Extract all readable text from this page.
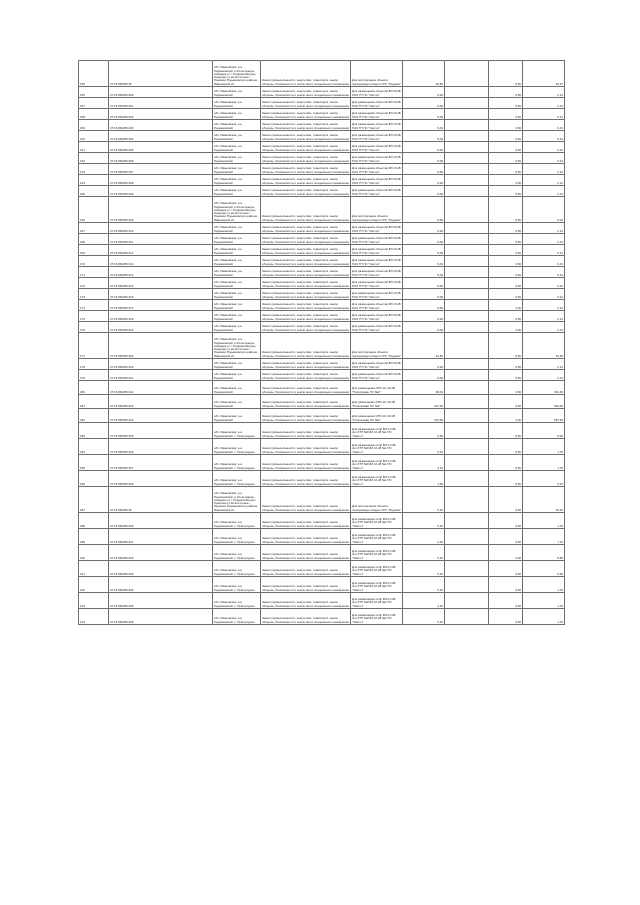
​155	37:16:050205:35	обл. Ивановская, р-н Родниковский, в 10 км северо-западнее от г. Родники-Филуно Куворово (1 км восточнее г. Родники) Родниковского района Ивановской об.	Земли промышленности, энергетики, транспорта, земли обороны, безопасности и земли иного специального назначения	Для эксплуатации объекта газопровода отвода к ГРС "Родники"	26,60		0,50	46,67
155	37:16:050205:365	обл. Ивановская, р-н Родниковский	Земли промышленности, энергетики, транспорта, земли обороны, безопасности и земли иного специального назначения	Для размещения объектов ВЛ 10 кВ ПАО ГП ПС "Светоч"	6,00		0,50	0,13
157	37:16:050205:291	обл. Ивановская, р-н Родниковский	Земли промышленности, энергетики, транспорта, земли обороны, безопасности и земли иного специального назначения	Для размещения объектов ВЛ 10 кВ ПАО ГП ПС "Светоч"	6,00		0,50	0,13
158	37:16:050205:292	обл. Ивановская, р-н Родниковский	Земли промышленности, энергетики, транспорта, земли обороны, безопасности и земли иного специального назначения	Для размещения объектов ВЛ 10 кВ ПАО ГП ПС "Светоч"	6,00		0,50	0,13
159	37:16:050205:293	обл. Ивановская, р-н Родниковский	Земли промышленности, энергетики, транспорта, земли обороны, безопасности и земли иного специального назначения	Для размещения объектов ВЛ 10 кВ ПАО ГП ПС "Светоч"	6,00		0,50	0,13
160	37:16:050205:294	обл. Ивановская, р-н Родниковский	Земли промышленности, энергетики, транспорта, земли обороны, безопасности и земли иного специального назначения	Для размещения объектов ВЛ 10 кВ ПАО ГП ПС "Светоч"	6,00		0,50	0,13
161	37:16:050205:295	обл. Ивановская, р-н Родниковский	Земли промышленности, энергетики, транспорта, земли обороны, безопасности и земли иного специального назначения	Для размещения объектов ВЛ 10 кВ ПАО ГП ПС "Светоч"	6,00		0,50	0,12
162	37:16:050205:296	обл. Ивановская, р-н Родниковский	Земли промышленности, энергетики, транспорта, земли обороны, безопасности и земли иного специального назначения	Для размещения объектов ВЛ 10 кВ ПАО ГП ПС "Светоч"	6,00		0,50	0,13
163	37:16:050205:297	обл. Ивановская, р-н Родниковский	Земли промышленности, энергетики, транспорта, земли обороны, безопасности и земли иного специального назначения	Для размещения объектов ВЛ 10 кВ ПАО ГП ПС "Светоч"	6,00		0,50	0,13
164	37:16:050205:298	обл. Ивановская, р-н Родниковский	Земли промышленности, энергетики, транспорта, земли обороны, безопасности и земли иного специального назначения	Для размещения объектов ВЛ 10 кВ ПАО ГП ПС "Светоч"	6,00		2,00	0,12
165	37:16:050205:299	обл. Ивановская, р-н Родниковский	Земли промышленности, энергетики, транспорта, земли обороны, безопасности и земли иного специального назначения	Для размещения объектов ВЛ 10 кВ ПАО ГП ПС "Светоч"	6,00		0,50	0,13
166	37:16:050205:363	обл. Ивановская, р-н Родниковский, в 10 км северо-западнее от г. Родники-Филуно Куворово (1 км восточнее г. Родники) Родниковского района Ивановской об.	Земли промышленности, энергетики, транспорта, земли обороны, безопасности и земли иного специального назначения	Для эксплуатации объекта газопровода отвода к ГРС "Родники"	6,00		0,50	0,03
167	37:16:050205:310	обл. Ивановская, р-н Родниковский	Земли промышленности, энергетики, транспорта, земли обороны, безопасности и земли иного специального назначения	Для размещения объектов ВЛ 10 кВ ПАО ГП ПС "Светоч"	6,00		0,50	0,13
168	37:16:050205:311	обл. Ивановская, р-н Родниковский	Земли промышленности, энергетики, транспорта, земли обороны, безопасности и земли иного специального назначения	Для размещения объектов ВЛ 10 кВ ПАО ГП ПС "Светоч"	6,00		0,50	0,13
169	37:16:050205:312	обл. Ивановская, р-н Родниковский	Земли промышленности, энергетики, транспорта, земли обороны, безопасности и земли иного специального назначения	Для размещения объектов ВЛ 10 кВ ПАО ГП ПС "Светоч"	6,00		0,50	0,13
170	37:16:050205:313	обл. Ивановская, р-н Родниковский	Земли промышленности, энергетики, транспорта, земли обороны, безопасности и земли иного специального назначения	Для размещения объектов ВЛ 10 кВ ПАО ГП ПС "Светоч"	6,00		0,50	0,13
171	37:16:050205:314	обл. Ивановская, р-н Родниковский	Земли промышленности, энергетики, транспорта, земли обороны, безопасности и земли иного специального назначения	Для размещения объектов ВЛ 10 кВ ПАО ГП ПС "Светоч"	6,00		0,50	0,13
172	37:16:050205:315	обл. Ивановская, р-н Родниковский	Земли промышленности, энергетики, транспорта, земли обороны, безопасности и земли иного специального назначения	Для размещения объектов ВЛ 10 кВ ПАО ГП ПС "Светоч"	6,00		0,50	0,12
173	37:16:050205:316	обл. Ивановская, р-н Родниковский	Земли промышленности, энергетики, транспорта, земли обороны, безопасности и земли иного специального назначения	Для размещения объектов ВЛ 10 кВ ПАО ГП ПС "Светоч"	6,00		0,50	0,12
174	37:16:050205:317	обл. Ивановская, р-н Родниковский	Земли промышленности, энергетики, транспорта, земли обороны, безопасности и земли иного специального назначения	Для размещения объектов ВЛ 10 кВ ПАО ГП ПС "Светоч"	6,00		2,00	0,13
175	37:16:050205:318	обл. Ивановская, р-н Родниковский	Земли промышленности, энергетики, транспорта, земли обороны, безопасности и земли иного специального назначения	Для размещения объектов ВЛ 10 кВ ПАО ГП ПС "Светоч"	6,00		0,50	0,13
176	37:16:050205:319	обл. Ивановская, р-н Родниковский	Земли промышленности, энергетики, транспорта, земли обороны, безопасности и земли иного специального назначения	Для размещения объектов ВЛ 10 кВ ПАО ГП ПС "Светоч"	6,00		2,00	0,13
177	37:16:050205:362	обл. Ивановская, р-н Родниковский, в 10 км северо-западнее от г. Родники-Филуно Куворово (1 км восточнее г. Родники) Родниковского района Ивановской об.	Земли промышленности, энергетики, транспорта, земли обороны, безопасности и земли иного специального назначения	Для эксплуатации объекта газопровода отвода к ГРС "Родники"	41,60		0,50	51,50
178	37:16:050205:320	обл. Ивановская, р-н Родниковский	Земли промышленности, энергетики, транспорта, земли обороны, безопасности и земли иного специального назначения	Для размещения объектов ВЛ 10 кВ ПАО ГП ПС "Светоч"	6,00		0,50	0,13
179	37:16:050205:321	обл. Ивановская, р-н Родниковский	Земли промышленности, энергетики, транспорта, земли обороны, безопасности и земли иного специального назначения	Для размещения объектов ВЛ 10 кВ ПАО ГП ПС "Светоч"	6,00		0,50	0,13
180	37:16:050205:322	обл. Ивановская, р-н Родниковский	Земли промышленности, энергетики, транспорта, земли обороны, безопасности и земли иного специального назначения	Для размещения ОПС КС-10 кВ "Посёлкован ПС №2"	99,00		0,50	261,66
181	37:16:050205:323	обл. Ивановская, р-н Родниковский	Земли промышленности, энергетики, транспорта, земли обороны, безопасности и земли иного специального назначения	Для размещения ОПС КС-10 кВ "Посёлкован ПС №2"	327,00		0,50	590,00
182	37:16:050205:324	обл. Ивановская, р-н Родниковский	Земли промышленности, энергетики, транспорта, земли обороны, безопасности и земли иного специального назначения	Для размещения ОПС КС-10 кВ "Посёлкован ПС №2"	276,00		2,00	657,69
183	37:16:050205:325	обл. Ивановская, р-н Родниковский, с. Пригородное	Земли промышленности, энергетики, транспорта, земли обороны, безопасности и земли иного специального назначения	Для размещения опор ВЛ 0,4 кВ ф.1 КТП №6 ВЛ 10 кВ №1 ПС "Светоч"	2,00		0,50	5,00
184	37:16:050205:326	обл. Ивановская, р-н Родниковский, с. Пригородное	Земли промышленности, энергетики, транспорта, земли обороны, безопасности и земли иного специального назначения	Для размещения опор ВЛ 0,4 кВ ф.1 КТП №6 ВЛ 10 кВ №1 ПС "Светоч"	5,10		0,50	1,75
185	37:16:050205:327	обл. Ивановская, р-н Родниковский, с. Пригородное	Земли промышленности, энергетики, транспорта, земли обороны, безопасности и земли иного специального назначения	Для размещения опор ВЛ 0,4 кВ ф.1 КТП №6 ВЛ 10 кВ №1 ПС "Светоч"	4,10		0,50	1,75
186	37:16:050205:328	обл. Ивановская, р-н Родниковский, с. Пригородное	Земли промышленности, энергетики, транспорта, земли обороны, безопасности и земли иного специального назначения	Для размещения опор ВЛ 0,4 кВ ф.1 КТП №6 ВЛ 10 кВ №1 ПС "Светоч"	1,00		0,50	5,15
187	37:16:050205:36	обл. Ивановская, р-н Родниковский, в 10 км северо-западнее от г. Родники-Филуно Куворово (1 км восточнее г. Родники) Родниковского района Ивановской об.	Земли промышленности, энергетики, транспорта, земли обороны, безопасности и земли иного специального назначения	Для эксплуатации объекта газопровода отвода к ГРС "Родники"	5,10		0,50	12,51
188	37:16:050205:330	обл. Ивановская, р-н Родниковский, с. Пригородное	Земли промышленности, энергетики, транспорта, земли обороны, безопасности и земли иного специального назначения	Для размещения опор ВЛ 0,4 кВ ф.1 КТП №6 ВЛ 10 кВ №1 ПС "Светоч"	5,10		0,50	1,75
189	37:16:050205:331	обл. Ивановская, р-н Родниковский, с. Пригородное	Земли промышленности, энергетики, транспорта, земли обороны, безопасности и земли иного специального назначения	Для размещения опор ВЛ 0,4 кВ ф.1 КТП №6 ВЛ 10 кВ №1 ПС "Светоч"	2,00		0,50	7,13
190	37:16:050205:332	обл. Ивановская, р-н Родниковский, с. Пригородное	Земли промышленности, энергетики, транспорта, земли обороны, безопасности и земли иного специального назначения	Для размещения опор ВЛ 0,4 кВ ф.1 КТП №6 ВЛ 10 кВ №1 ПС "Светоч"	5,10		2,00	5,85
191	37:16:050205:333	обл. Ивановская, р-н Родниковский, с. Пригородное	Земли промышленности, энергетики, транспорта, земли обороны, безопасности и земли иного специального назначения	Для размещения опор ВЛ 0,4 кВ ф.1 КТП №6 ВЛ 10 кВ №1 ПС "Светоч"	5,10		0,50	6,96
192	37:16:050205:334	обл. Ивановская, р-н Родниковский, с. Пригородное	Земли промышленности, энергетики, транспорта, земли обороны, безопасности и земли иного специального назначения	Для размещения опор ВЛ 0,4 кВ ф.1 КТП №6 ВЛ 10 кВ №1 ПС "Светоч"	5,10		0,50	1,75
193	37:16:050205:335	обл. Ивановская, р-н Родниковский, с. Пригородное	Земли промышленности, энергетики, транспорта, земли обороны, безопасности и земли иного специального назначения	Для размещения опор ВЛ 0,4 кВ ф.1 КТП №6 ВЛ 10 кВ №1 ПС "Светоч"	4,10		0,50	1,75
194	37:16:050205:336	обл. Ивановская, р-н Родниковский, с. Пригородное	Земли промышленности, энергетики, транспорта, земли обороны, безопасности и земли иного специального назначения	Для размещения опор ВЛ 0,4 кВ ф.1 КТП №6 ВЛ 10 кВ №1 ПС "Светоч"	5,10		0,50	1,75
